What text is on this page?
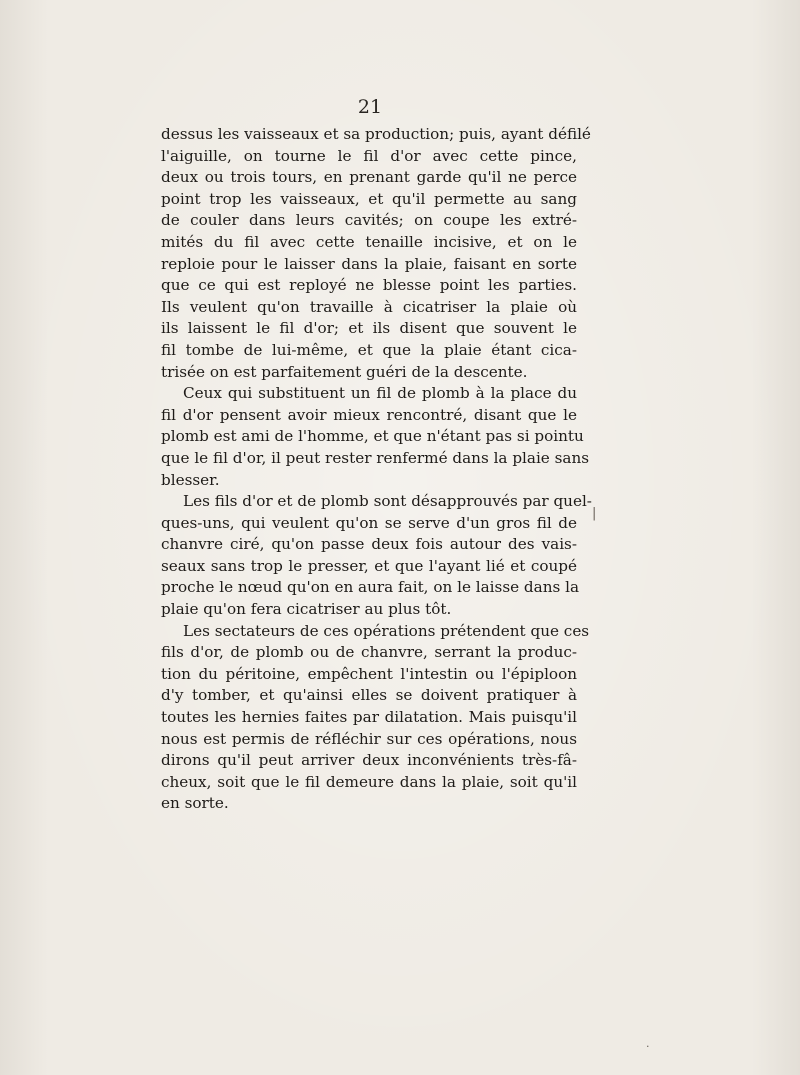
21
dessus les vaisseaux et sa production; puis, ayant défilé
l'aiguille, on tourne le fil d'or avec cette pince,
deux ou trois tours, en prenant garde qu'il ne perce
point trop les vaisseaux, et qu'il permette au sang
de couler dans leurs cavités; on coupe les extré-
mités du fil avec cette tenaille incisive, et on le
reploie pour le laisser dans la plaie, faisant en sorte
que ce qui est reployé ne blesse point les parties.
Ils veulent qu'on travaille à cicatriser la plaie où
ils laissent le fil d'or; et ils disent que souvent le
fil tombe de lui-même, et que la plaie étant cica-
trisée on est parfaitement guéri de la descente.
Ceux qui substituent un fil de plomb à la place du
fil d'or pensent avoir mieux rencontré, disant que le
plomb est ami de l'homme, et que n'étant pas si pointu
que le fil d'or, il peut rester renfermé dans la plaie sans
blesser.
Les fils d'or et de plomb sont désapprouvés par quel-
ques-uns, qui veulent qu'on se serve d'un gros fil de
chanvre ciré, qu'on passe deux fois autour des vais-
seaux sans trop le presser, et que l'ayant lié et coupé
proche le nœud qu'on en aura fait, on le laisse dans la
plaie qu'on fera cicatriser au plus tôt.
Les sectateurs de ces opérations prétendent que ces
fils d'or, de plomb ou de chanvre, serrant la produc-
tion du péritoine, empêchent l'intestin ou l'épiploon
d'y tomber, et qu'ainsi elles se doivent pratiquer à
toutes les hernies faites par dilatation. Mais puisqu'il
nous est permis de réfléchir sur ces opérations, nous
dirons qu'il peut arriver deux inconvénients très-fâ-
cheux, soit que le fil demeure dans la plaie, soit qu'il
en sorte.
|
·
